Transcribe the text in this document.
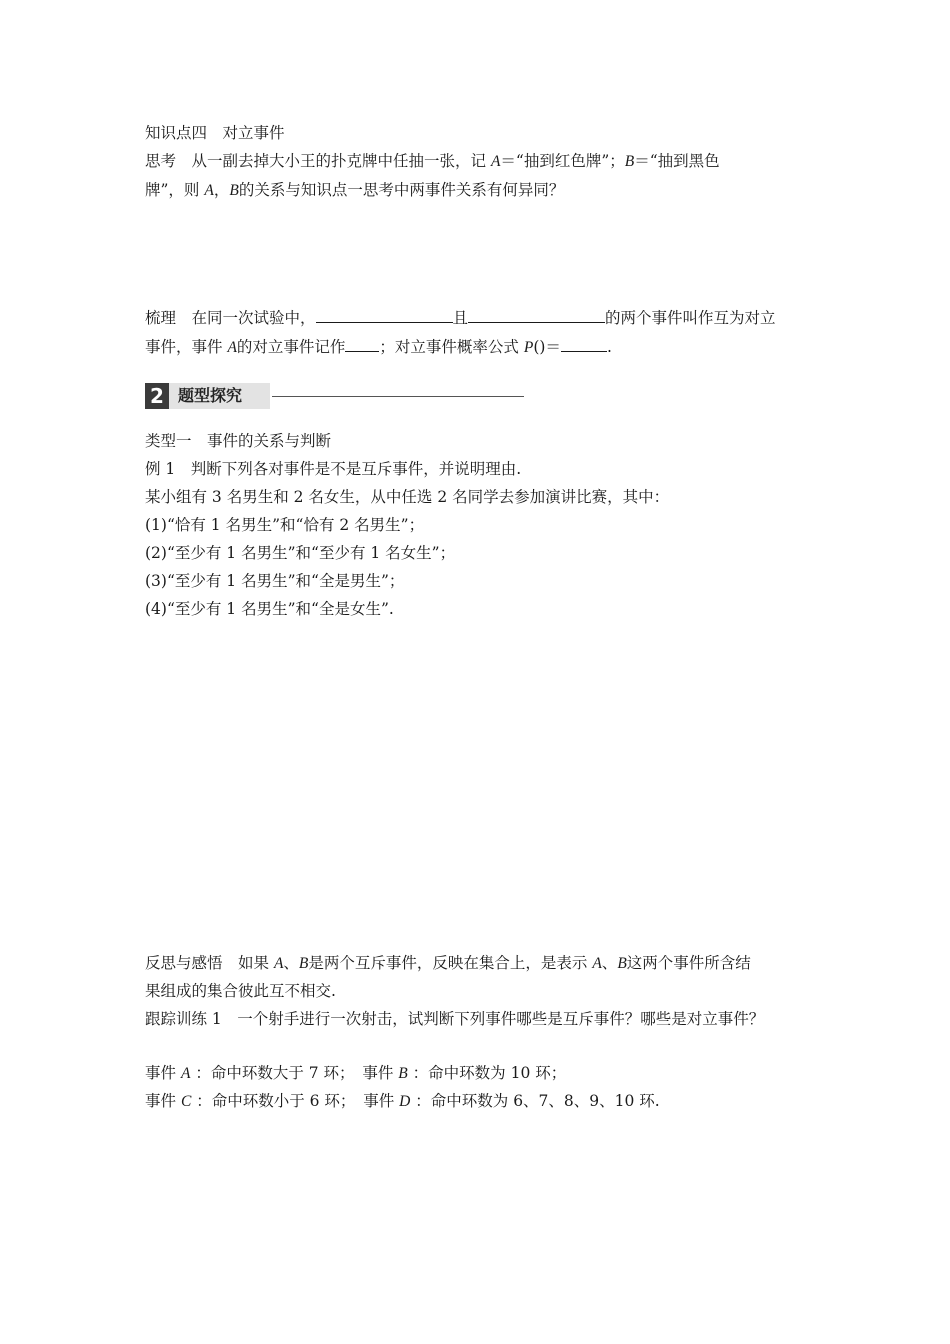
知识点四　对立事件
思考　从一副去掉大小王的扑克牌中任抽一张，记 A＝“抽到红色牌”；B＝“抽到黑色
牌”，则 A，B的关系与知识点一思考中两事件关系有何异同？
梳理　在同一次试验中，	且	的两个事件叫作互为对立
事件，事件 A的对立事件记作 ；对立事件概率公式 P()＝	.
2 题型探究
类型一　事件的关系与判断
例 1　判断下列各对事件是不是互斥事件，并说明理由.
某小组有 3 名男生和 2 名女生，从中任选 2 名同学去参加演讲比赛，其中：
(1)“恰有 1 名男生”和“恰有 2 名男生”；
(2)“至少有 1 名男生”和“至少有 1 名女生”；
(3)“至少有 1 名男生”和“全是男生”；
(4)“至少有 1 名男生”和“全是女生”.
反思与感悟　如果 A、B是两个互斥事件，反映在集合上，是表示 A、B这两个事件所含结
果组成的集合彼此互不相交.
跟踪训练 1　一个射手进行一次射击，试判断下列事件哪些是互斥事件？哪些是对立事件？
事件 A ：命中环数大于 7 环；　事件 B ：命中环数为 10 环；
事件 C ：命中环数小于 6 环；　事件 D ：命中环数为 6、7、8、9、10 环.
